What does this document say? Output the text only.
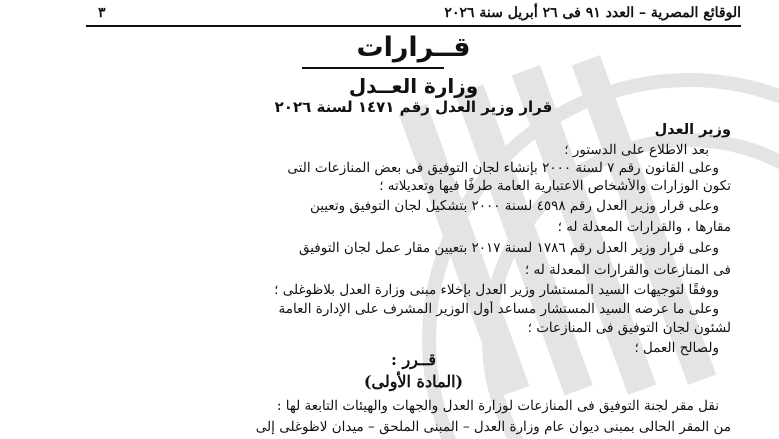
الوقائع المصرية – العدد ٩١ فى ٢٦ أبريل سنة ٢٠٢٦
٣
قــرارات
وزارة العــدل
قرار وزير العدل رقم ١٤٧١ لسنة ٢٠٢٦
وزير العدل
بعد الاطلاع على الدستور ؛
وعلى القانون رقم ٧ لسنة ٢٠٠٠ بإنشاء لجان التوفيق فى بعض المنازعات التى
تكون الوزارات والأشخاص الاعتبارية العامة طرفًا فيها وتعديلاته ؛
وعلى قرار وزير العدل رقم ٤٥٩٨ لسنة ٢٠٠٠ بتشكيل لجان التوفيق وتعيين
مقارها ، والقرارات المعدلة له ؛
وعلى قرار وزير العدل رقم ١٧٨٦ لسنة ٢٠١٧ بتعيين مقار عمل لجان التوفيق
فى المنازعات والقرارات المعدلة له ؛
ووفقًا لتوجيهات السيد المستشار وزير العدل بإخلاء مبنى وزارة العدل بلاظوغلى ؛
وعلى ما عرضه السيد المستشار مساعد أول الوزير المشرف على الإدارة العامة
لشئون لجان التوفيق فى المنازعات ؛
ولصالح العمل ؛
قــرر :
(المادة الأولى)
نقل مقر لجنة التوفيق فى المنازعات لوزارة العدل والجهات والهيئات التابعة لها :
من المقر الحالى بمبنى ديوان عام وزارة العدل – المبنى الملحق – ميدان لاظوغلى إلى
